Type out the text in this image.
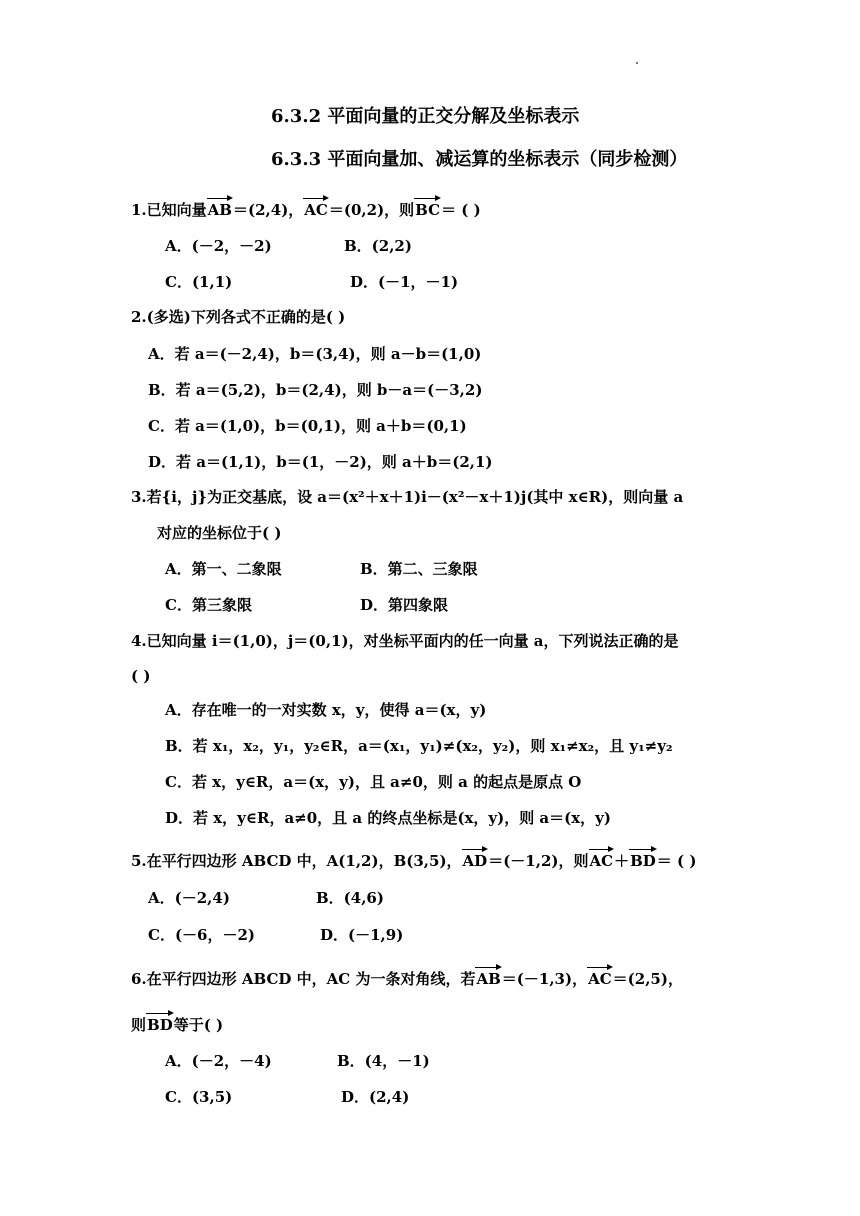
6.3.2 平面向量的正交分解及坐标表示
6.3.3 平面向量加、减运算的坐标表示（同步检测）
1.已知向量AB＝(2,4)，AC＝(0,2)，则BC＝ ( )
A．(－2，－2)	B．(2,2)
C．(1,1)	D．(－1，－1)
2.(多选)下列各式不正确的是( )
A．若 a＝(－2,4)，b＝(3,4)，则 a－b＝(1,0)
B．若 a＝(5,2)，b＝(2,4)，则 b－a＝(－3,2)
C．若 a＝(1,0)，b＝(0,1)，则 a＋b＝(0,1)
D．若 a＝(1,1)，b＝(1，－2)，则 a＋b＝(2,1)
3.若{i，j}为正交基底，设 a＝(x²＋x＋1)i－(x²－x＋1)j(其中 x∈R)，则向量 a
对应的坐标位于( )
A．第一、二象限	B．第二、三象限
C．第三象限	D．第四象限
4.已知向量 i＝(1,0)，j＝(0,1)，对坐标平面内的任一向量 a，下列说法正确的是
( )
A．存在唯一的一对实数 x，y，使得 a＝(x，y)
B．若 x₁，x₂，y₁，y₂∈R，a＝(x₁，y₁)≠(x₂，y₂)，则 x₁≠x₂，且 y₁≠y₂
C．若 x，y∈R，a＝(x，y)，且 a≠0，则 a 的起点是原点 O
D．若 x，y∈R，a≠0，且 a 的终点坐标是(x，y)，则 a＝(x，y)
5.在平行四边形 ABCD 中，A(1,2)，B(3,5)，AD＝(－1,2)，则AC＋BD＝ ( )
A．(－2,4)	B．(4,6)
C．(－6，－2)	D．(－1,9)
6.在平行四边形 ABCD 中，AC 为一条对角线，若AB＝(－1,3)，AC＝(2,5)，
则BD等于( )
A．(－2，－4)	B．(4，－1)
C．(3,5)	D．(2,4)
